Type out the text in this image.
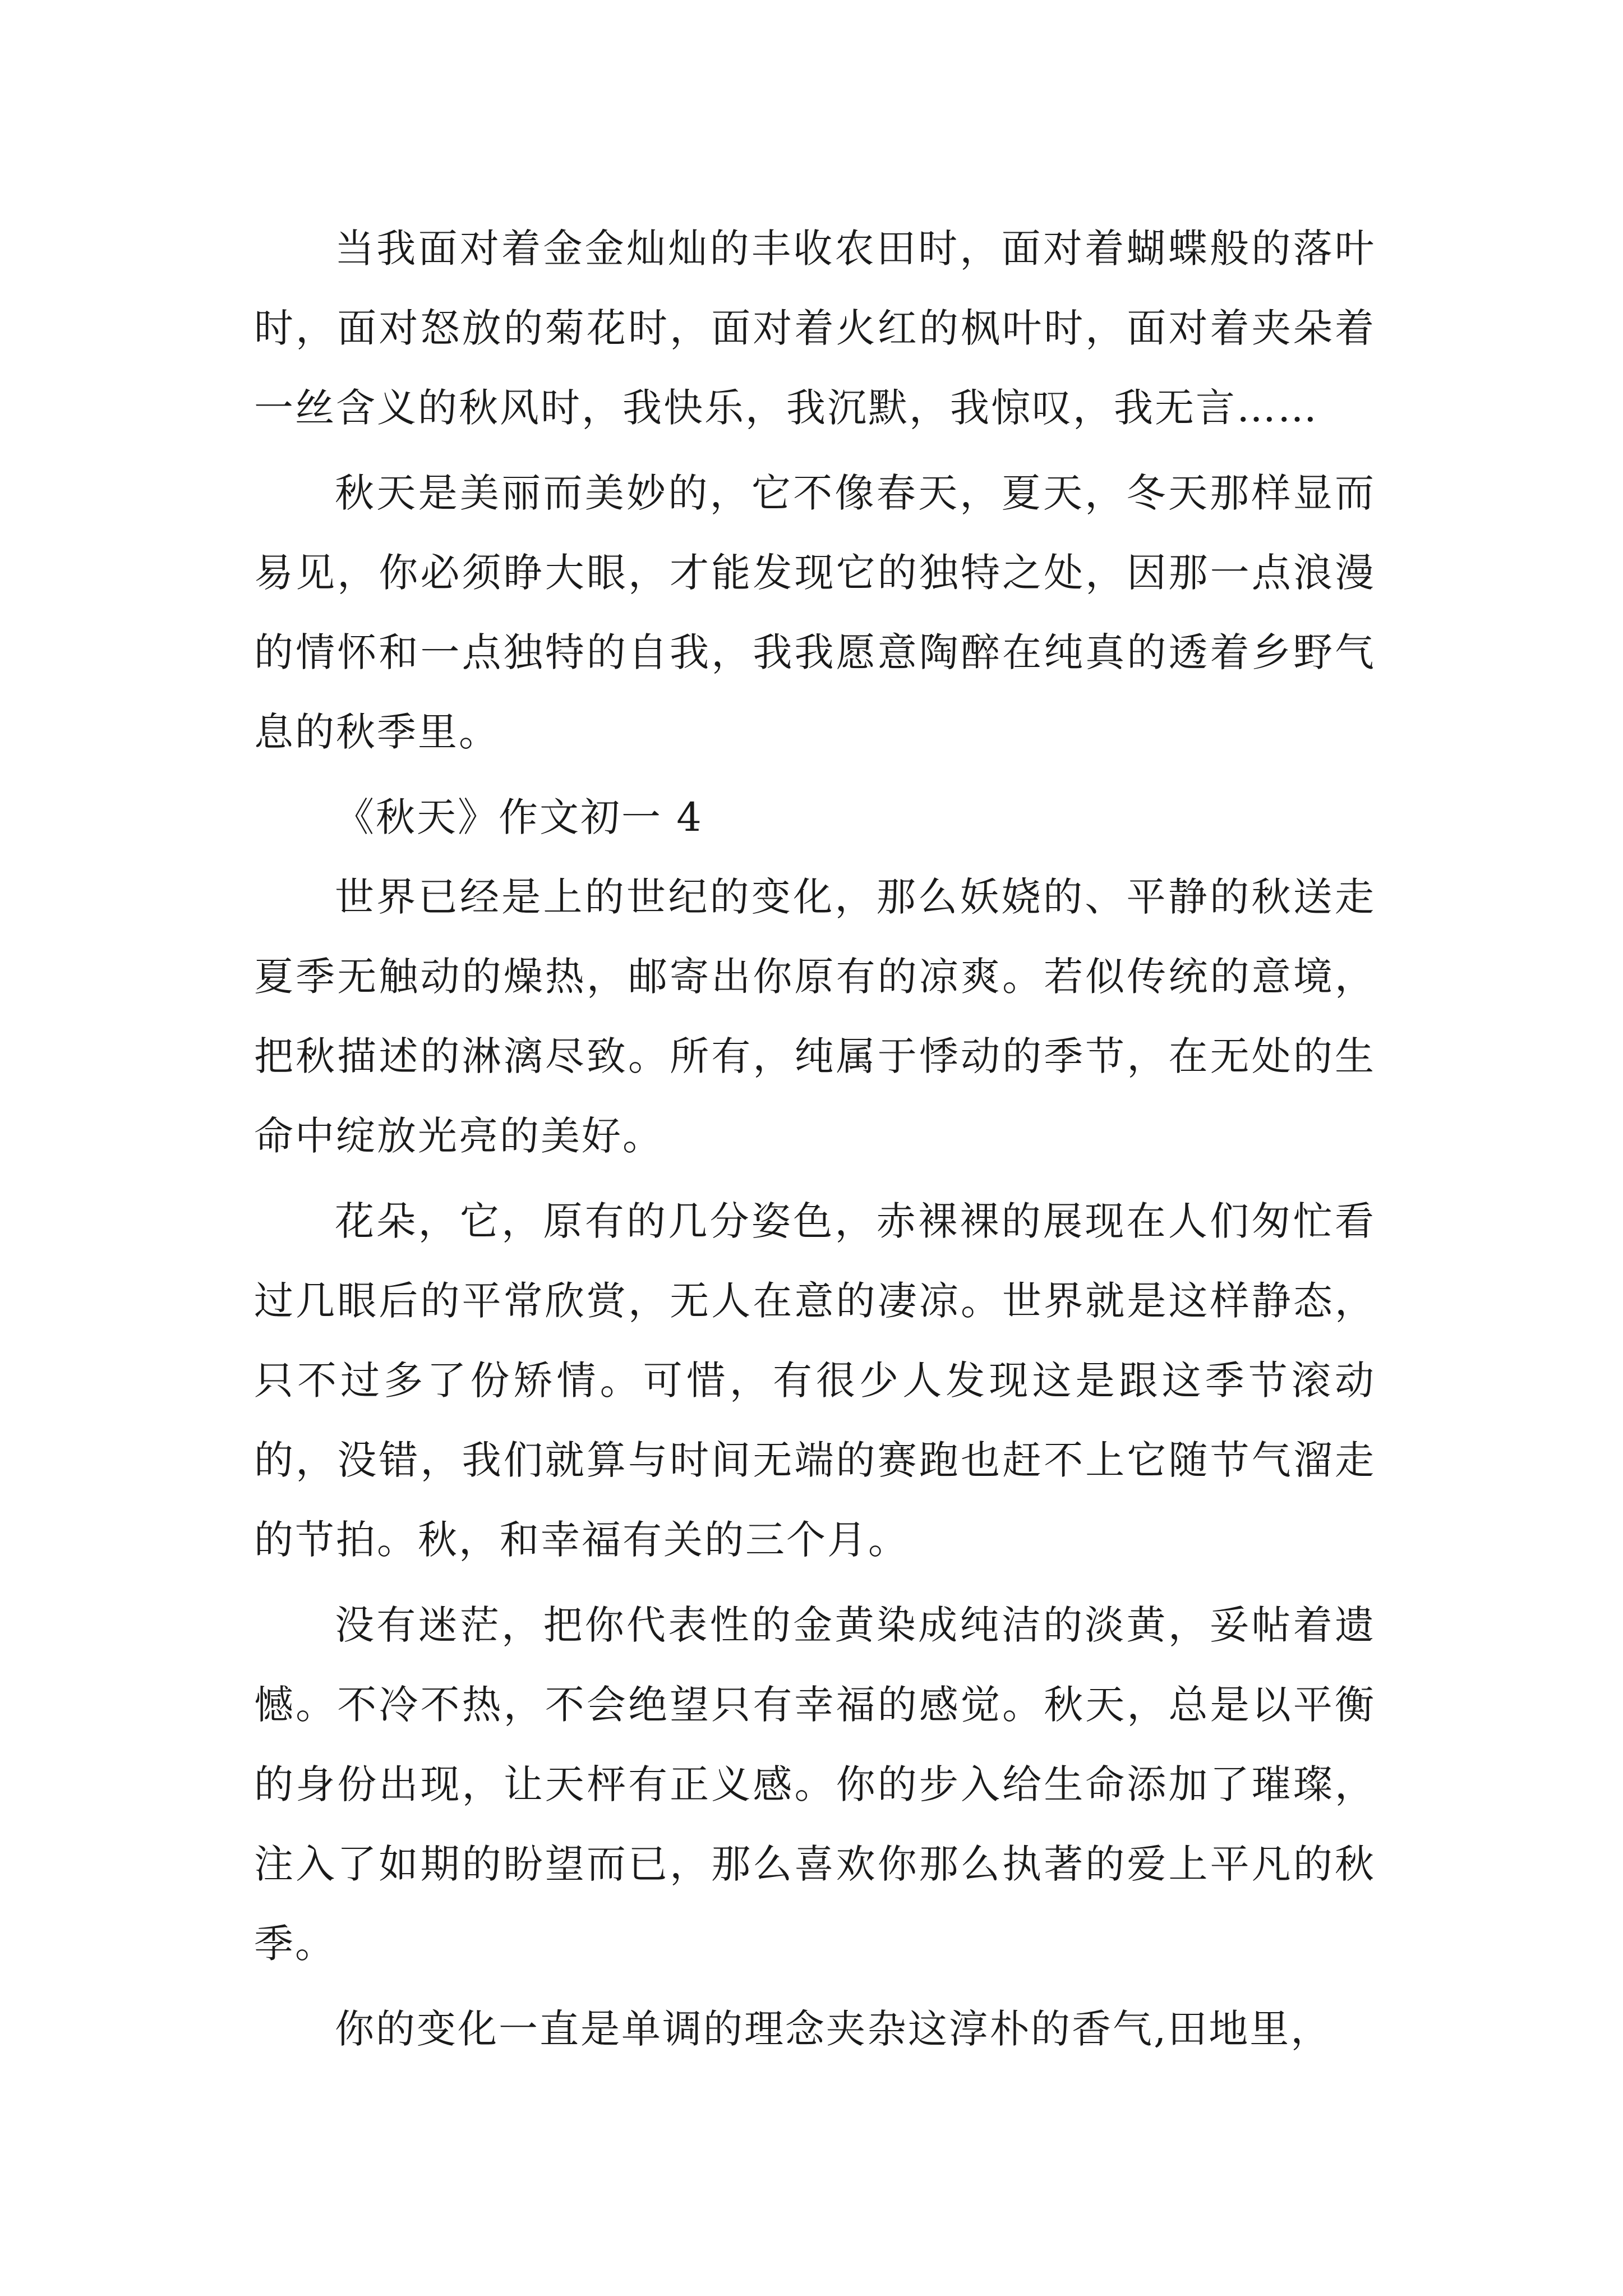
当我面对着金金灿灿的丰收农田时，面对着蝴蝶般的落叶时，面对怒放的菊花时，面对着火红的枫叶时，面对着夹朵着一丝含义的秋风时，我快乐，我沉默，我惊叹，我无言……

秋天是美丽而美妙的，它不像春天，夏天，冬天那样显而易见，你必须睁大眼，才能发现它的独特之处，因那一点浪漫的情怀和一点独特的自我，我我愿意陶醉在纯真的透着乡野气息的秋季里。

《秋天》作文初一 4

世界已经是上的世纪的变化，那么妖娆的、平静的秋送走夏季无触动的燥热，邮寄出你原有的凉爽。若似传统的意境，把秋描述的淋漓尽致。所有，纯属于悸动的季节，在无处的生命中绽放光亮的美好。

花朵，它，原有的几分姿色，赤裸裸的展现在人们匆忙看过几眼后的平常欣赏，无人在意的凄凉。世界就是这样静态，只不过多了份矫情。可惜，有很少人发现这是跟这季节滚动的，没错，我们就算与时间无端的赛跑也赶不上它随节气溜走的节拍。秋，和幸福有关的三个月。

没有迷茫，把你代表性的金黄染成纯洁的淡黄，妥帖着遗憾。不冷不热，不会绝望只有幸福的感觉。秋天，总是以平衡的身份出现，让天枰有正义感。你的步入给生命添加了璀璨，注入了如期的盼望而已，那么喜欢你那么执著的爱上平凡的秋季。

你的变化一直是单调的理念夹杂这淳朴的香气,田地里，
